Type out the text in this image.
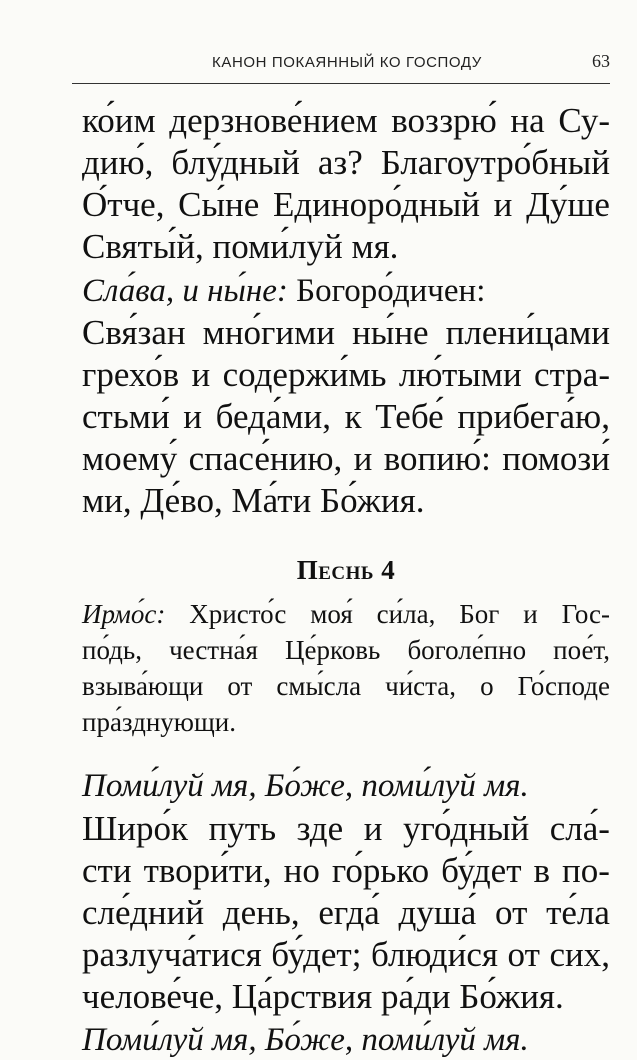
КАНОН ПОКАЯННЫЙ КО ГОСПОДУ	63
ко́им дерзнове́нием воззрю́ на Су-
дию́, блу́дный аз? Благоутро́бный
О́тче, Сы́не Единоро́дный и Ду́ше
Святы́й, поми́луй мя.
Сла́ва, и ны́не: Богоро́дичен:
Свя́зан мно́гими ны́не плени́цами
грехо́в и содержи́мь лю́тыми стра-
стьми́ и беда́ми, к Тебе́ прибега́ю,
моему́ спасе́нию, и вопию́: помози́
ми, Де́во, Ма́ти Бо́жия.
Песнь 4
Ирмо́с: Христо́с моя́ си́ла, Бог и Гос-
по́дь, честна́я Це́рковь боголе́пно пое́т,
взыва́ющи от смы́сла чи́ста, о Го́споде
пра́зднующи.
Поми́луй мя, Бо́же, поми́луй мя.
Широ́к путь зде и уго́дный сла́-
сти твори́ти, но го́рько бу́дет в по-
сле́дний день, егда́ душа́ от те́ла
разлуча́тися бу́дет; блюди́ся от сих,
челове́че, Ца́рствия ра́ди Бо́жия.
Поми́луй мя, Бо́же, поми́луй мя.
